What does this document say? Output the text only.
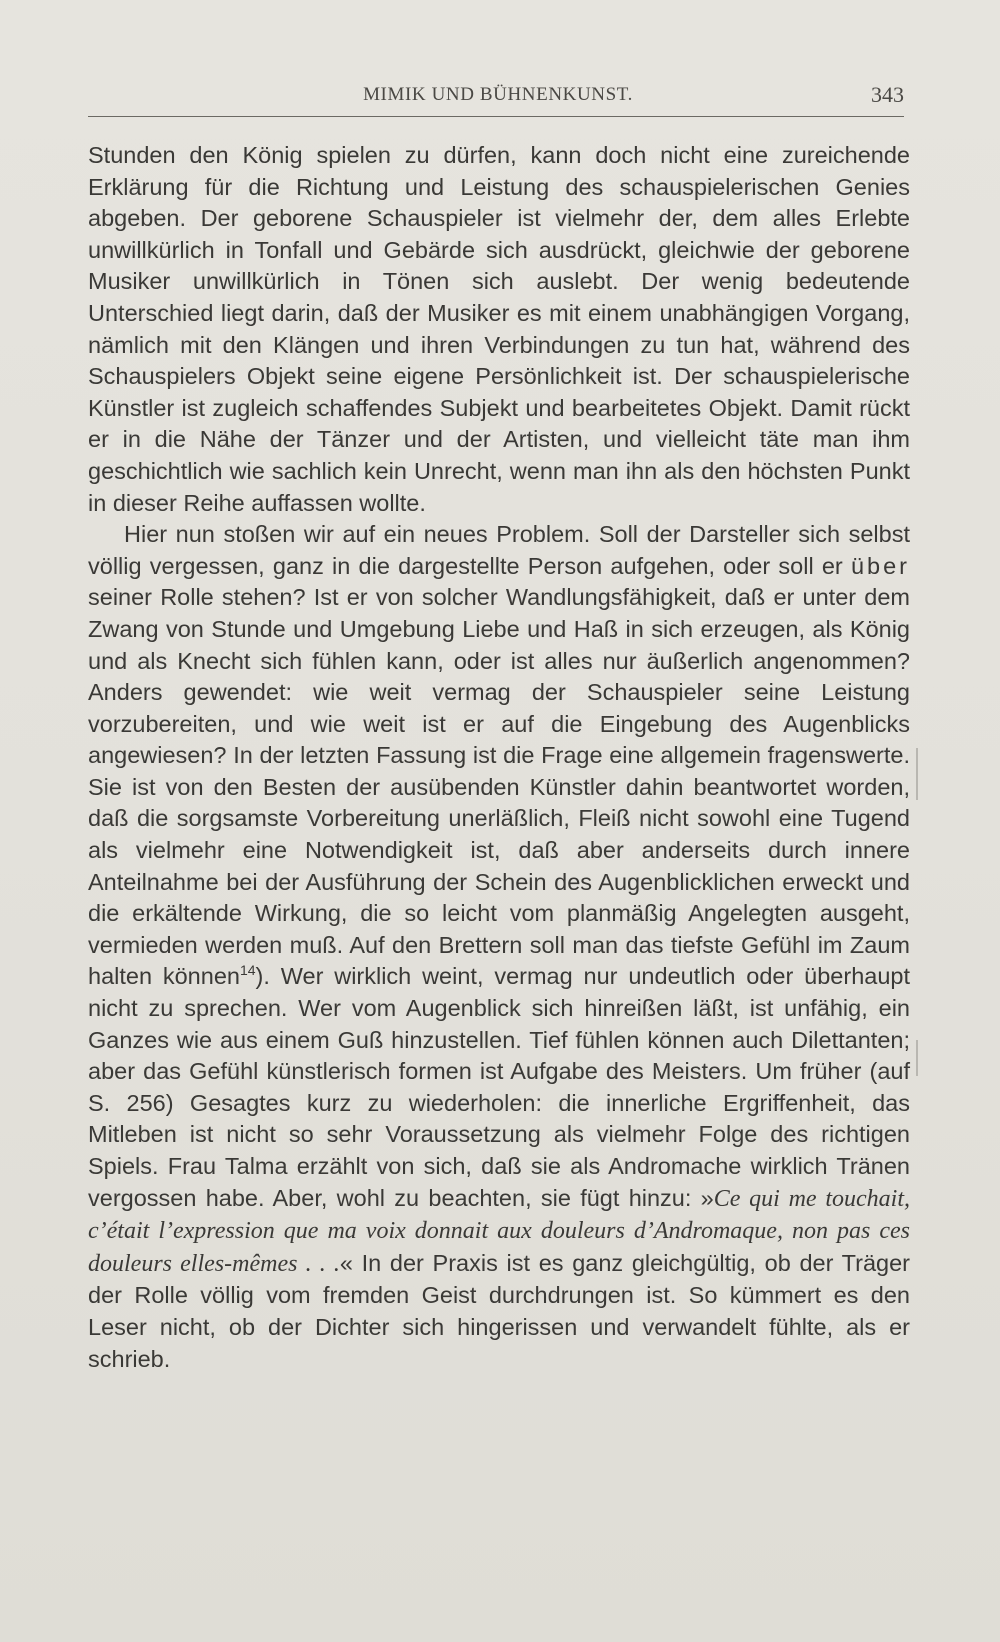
MIMIK UND BÜHNENKUNST.	343

Stunden den König spielen zu dürfen, kann doch nicht eine zureichende Erklärung für die Richtung und Leistung des schauspielerischen Genies abgeben. Der geborene Schauspieler ist vielmehr der, dem alles Erlebte unwillkürlich in Tonfall und Gebärde sich ausdrückt, gleichwie der geborene Musiker unwillkürlich in Tönen sich auslebt. Der wenig bedeutende Unterschied liegt darin, daß der Musiker es mit einem unabhängigen Vorgang, nämlich mit den Klängen und ihren Verbindungen zu tun hat, während des Schauspielers Objekt seine eigene Persönlichkeit ist. Der schauspielerische Künstler ist zugleich schaffendes Subjekt und bearbeitetes Objekt. Damit rückt er in die Nähe der Tänzer und der Artisten, und vielleicht täte man ihm geschichtlich wie sachlich kein Unrecht, wenn man ihn als den höchsten Punkt in dieser Reihe auffassen wollte.

Hier nun stoßen wir auf ein neues Problem. Soll der Darsteller sich selbst völlig vergessen, ganz in die dargestellte Person aufgehen, oder soll er über seiner Rolle stehen? Ist er von solcher Wandlungsfähigkeit, daß er unter dem Zwang von Stunde und Umgebung Liebe und Haß in sich erzeugen, als König und als Knecht sich fühlen kann, oder ist alles nur äußerlich angenommen? Anders gewendet: wie weit vermag der Schauspieler seine Leistung vorzubereiten, und wie weit ist er auf die Eingebung des Augenblicks angewiesen? In der letzten Fassung ist die Frage eine allgemein fragenswerte. Sie ist von den Besten der ausübenden Künstler dahin beantwortet worden, daß die sorgsamste Vorbereitung unerläßlich, Fleiß nicht sowohl eine Tugend als vielmehr eine Notwendigkeit ist, daß aber anderseits durch innere Anteilnahme bei der Ausführung der Schein des Augenblicklichen erweckt und die erkältende Wirkung, die so leicht vom planmäßig Angelegten ausgeht, vermieden werden muß. Auf den Brettern soll man das tiefste Gefühl im Zaum halten können$^{14}$). Wer wirklich weint, vermag nur undeutlich oder überhaupt nicht zu sprechen. Wer vom Augenblick sich hinreißen läßt, ist unfähig, ein Ganzes wie aus einem Guß hinzustellen. Tief fühlen können auch Dilettanten; aber das Gefühl künstlerisch formen ist Aufgabe des Meisters. Um früher (auf S. 256) Gesagtes kurz zu wiederholen: die innerliche Ergriffenheit, das Mitleben ist nicht so sehr Voraussetzung als vielmehr Folge des richtigen Spiels. Frau Talma erzählt von sich, daß sie als Andromache wirklich Tränen vergossen habe. Aber, wohl zu beachten, sie fügt hinzu: »Ce qui me touchait, c’était l’expression que ma voix donnait aux douleurs d’Andromaque, non pas ces douleurs elles-mêmes . . .« In der Praxis ist es ganz gleichgültig, ob der Träger der Rolle völlig vom fremden Geist durchdrungen ist. So kümmert es den Leser nicht, ob der Dichter sich hingerissen und verwandelt fühlte, als er schrieb.
